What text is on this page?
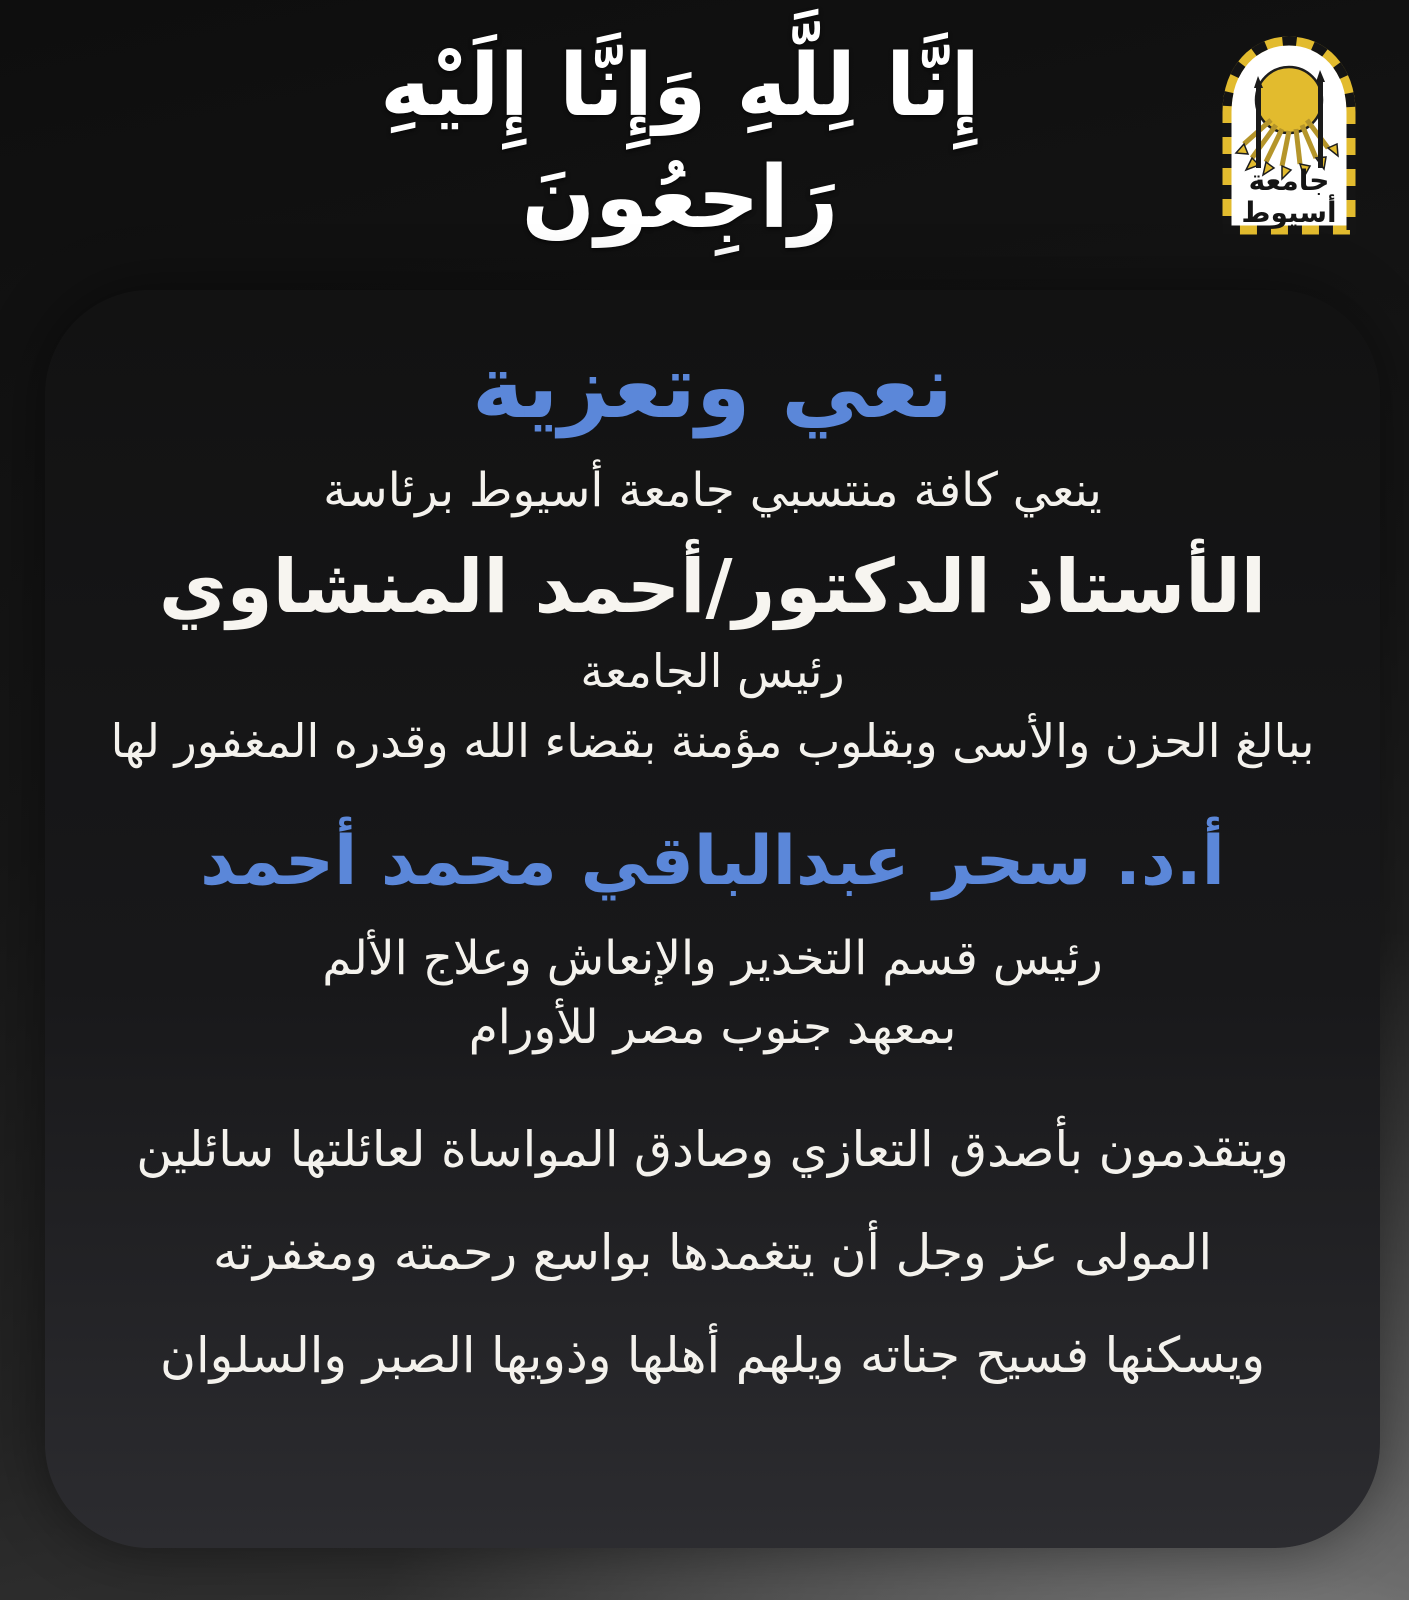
إِنَّا لِلَّهِ وَإِنَّا إِلَيْهِ رَاجِعُونَ	جامعة
أسيوط
نعي وتعزية
ينعي كافة منتسبي جامعة أسيوط برئاسة
الأستاذ الدكتور/أحمد المنشاوي
رئيس الجامعة
ببالغ الحزن والأسى وبقلوب مؤمنة بقضاء الله وقدره المغفور لها
أ.د. سحر عبدالباقي محمد أحمد
رئيس قسم التخدير والإنعاش وعلاج الألم
بمعهد جنوب مصر للأورام
ويتقدمون بأصدق التعازي وصادق المواساة لعائلتها سائلين
المولى عز وجل أن يتغمدها بواسع رحمته ومغفرته
ويسكنها فسيح جناته ويلهم أهلها وذويها الصبر والسلوان
